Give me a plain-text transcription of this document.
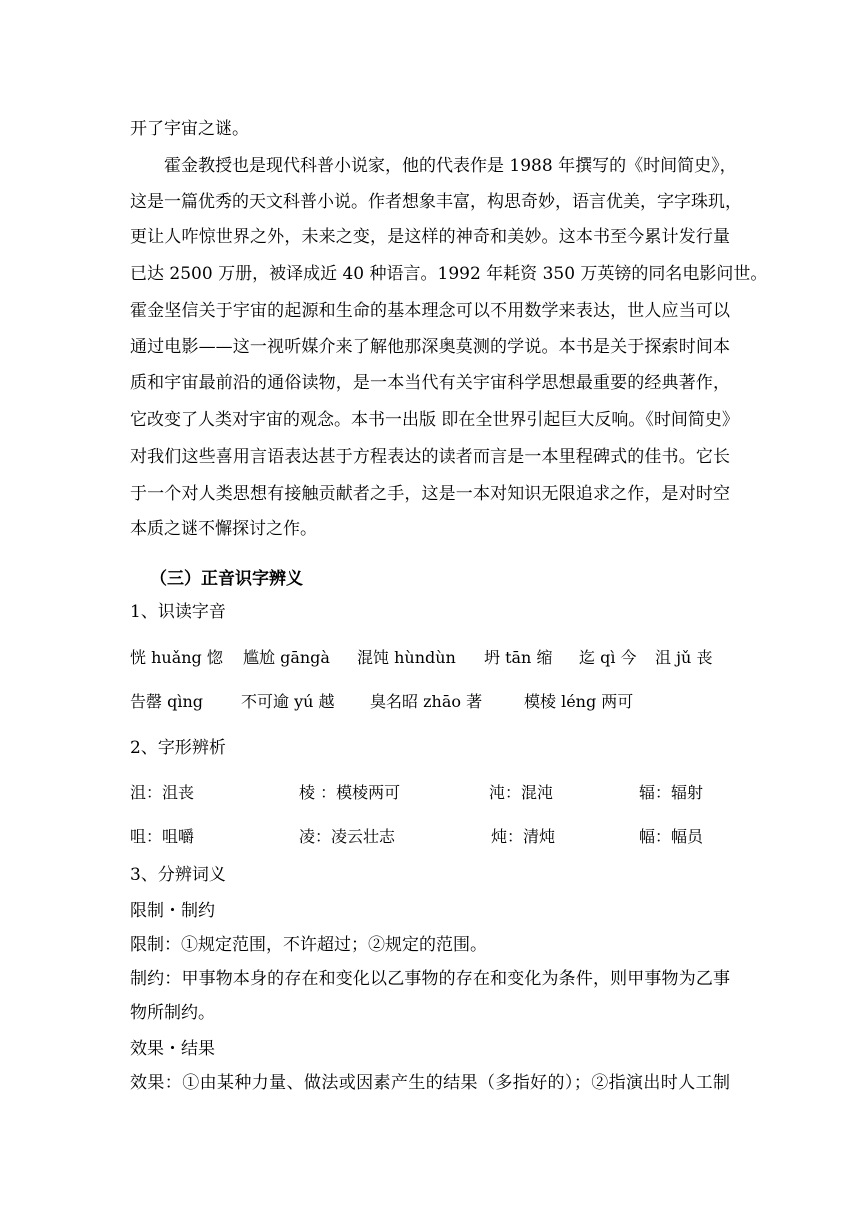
开了宇宙之谜。
霍金教授也是现代科普小说家，他的代表作是 1988 年撰写的《时间简史》，
这是一篇优秀的天文科普小说。作者想象丰富，构思奇妙，语言优美，字字珠玑，
更让人咋惊世界之外，未来之变，是这样的神奇和美妙。这本书至今累计发行量
已达 2500 万册，被译成近 40 种语言。1992 年耗资 350 万英镑的同名电影问世。
霍金坚信关于宇宙的起源和生命的基本理念可以不用数学来表达，世人应当可以
通过电影——这一视听媒介来了解他那深奥莫测的学说。本书是关于探索时间本
质和宇宙最前沿的通俗读物，是一本当代有关宇宙科学思想最重要的经典著作，
它改变了人类对宇宙的观念。本书一出版 即在全世界引起巨大反响。《时间简史》
对我们这些喜用言语表达甚于方程表达的读者而言是一本里程碑式的佳书。它长
于一个对人类思想有接触贡献者之手，这是一本对知识无限追求之作，是对时空
本质之谜不懈探讨之作。
（三）正音识字辨义
1、识读字音
恍 huǎng 惚 尴尬 gāngà 混饨 hùndùn 坍 tān 缩 迄 qì 今 沮 jǔ 丧
告罄 qìng 不可逾 yú 越 臭名昭 zhāo 著	模棱 léng 两可
2、字形辨析
沮：沮丧	棱 ：模棱两可	沌：混沌	辐：辐射
咀：咀嚼	凌：凌云壮志	炖：清炖	幅：幅员
3、分辨词义
限制・制约
限制：①规定范围，不许超过；②规定的范围。
制约：甲事物本身的存在和变化以乙事物的存在和变化为条件，则甲事物为乙事
物所制约。
效果・结果
效果：①由某种力量、做法或因素产生的结果（多指好的）；②指演出时人工制
